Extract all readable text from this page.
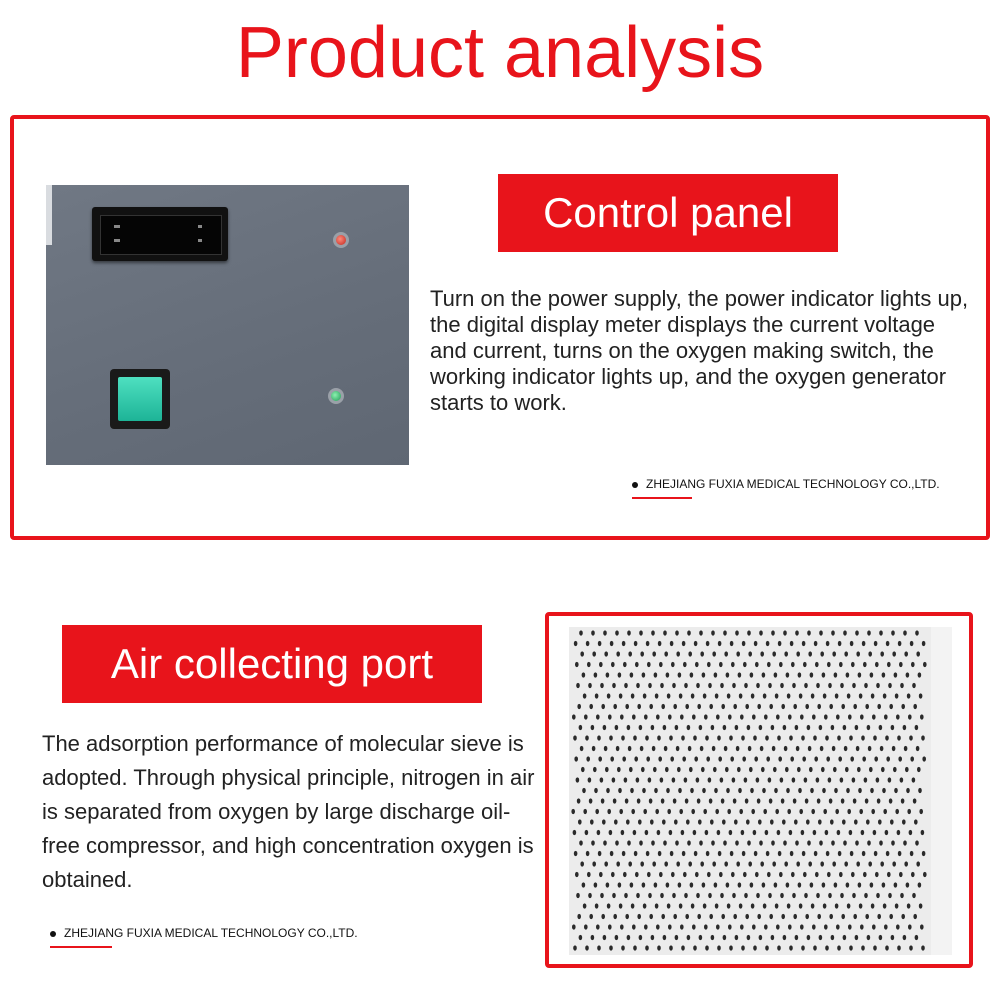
Product analysis
Control panel
Turn on the power supply, the power indicator lights up, the digital display meter displays the current voltage and current, turns on the oxygen making switch, the working indicator lights up, and the oxygen generator starts to work.
ZHEJIANG FUXIA MEDICAL TECHNOLOGY CO.,LTD.
Air collecting port
The adsorption performance of molecular sieve is adopted. Through physical principle, nitrogen in air is separated from oxygen by large discharge oil-free compressor, and high concentration oxygen is obtained.
ZHEJIANG FUXIA MEDICAL TECHNOLOGY CO.,LTD.
